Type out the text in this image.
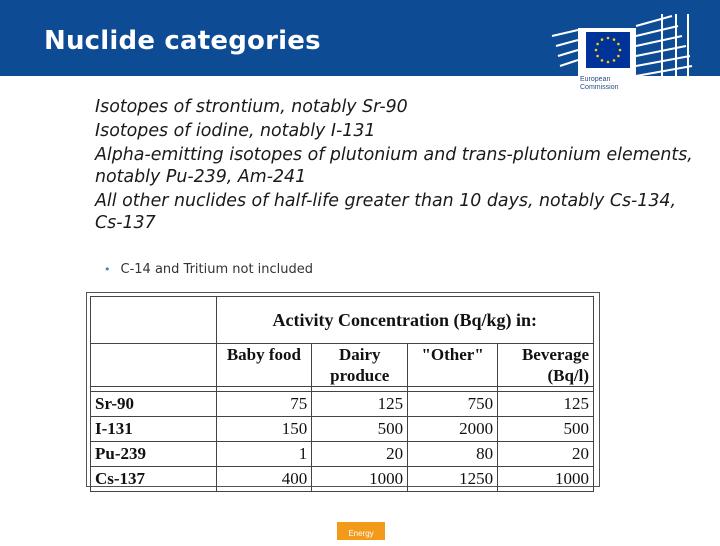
Nuclide categories
European
Commission
Isotopes of strontium, notably Sr-90
Isotopes of iodine, notably I-131
Alpha-emitting isotopes of plutonium and trans-plutonium elements, notably Pu-239, Am-241
All other nuclides of half-life greater than 10 days, notably Cs-134, Cs-137
• C-14 and Tritium not included
	Activity Concentration (Bq/kg) in:			
	Baby food	Dairy produce	"Other"	Beverage (Bq/l)

Sr-90	75	125	750	125
I-131	150	500	2000	500
Pu-239	1	20	80	20
Cs-137	400	1000	1250	1000
Energy
